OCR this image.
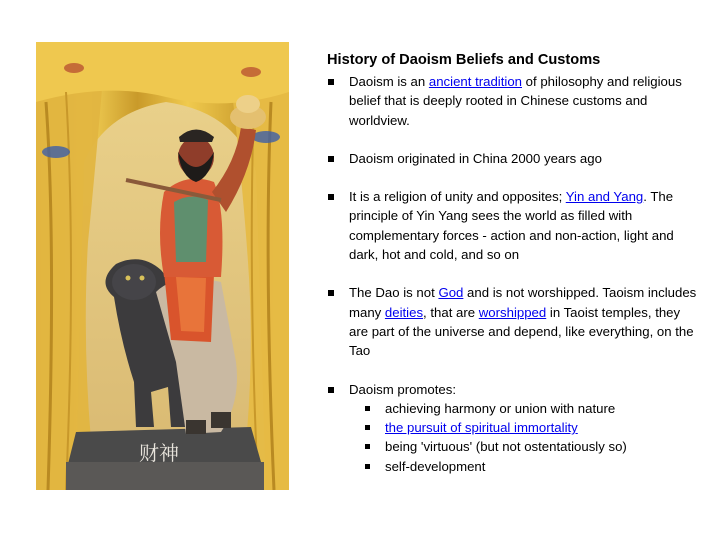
财神
History of Daoism Beliefs and Customs
Daoism is an ancient tradition of philosophy and religious belief that is deeply rooted in Chinese customs and worldview.
Daoism originated in China 2000 years ago
It is a religion of unity and opposites; Yin and Yang. The principle of Yin Yang sees the world as filled with complementary forces - action and non-action, light and dark, hot and cold, and so on
The Dao is not God and is not worshipped. Taoism includes many deities, that are worshipped in Taoist temples, they are part of the universe and depend, like everything, on the Tao
Daoism promotes:
achieving harmony or union with nature
the pursuit of spiritual immortality
being 'virtuous' (but not ostentatiously so)
self-development
